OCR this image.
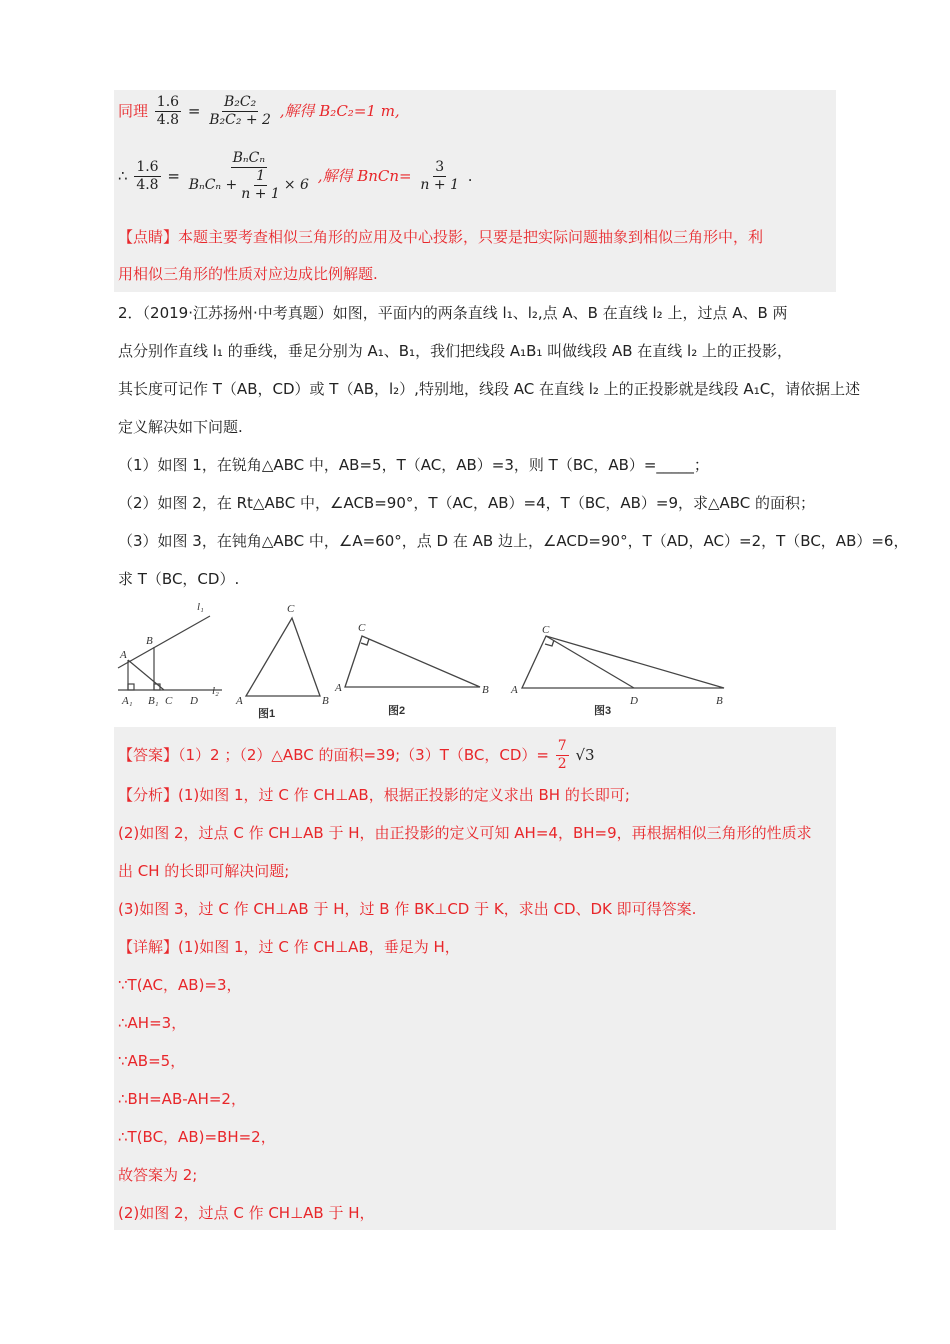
同理 $\frac{1.6}{4.8} = \frac{\text{B₂C₂}}{\text{B₂C₂ + 2}}$ ,解得 B₂C₂=1 m,
∴ $\frac{1.6}{4.8} = \frac{\text{BₙCₙ}}{B_nC_n + \frac{1}{n + 1} \times 6}$ ,解得 BnCn= $\frac{3}{n + 1}$ .
【点睛】本题主要考查相似三角形的应用及中心投影，只要是把实际问题抽象到相似三角形中，利
用相似三角形的性质对应边成比例解题.
2．（2019·江苏扬州·中考真题）如图，平面内的两条直线 l₁、l₂,点 A、B 在直线 l₂ 上，过点 A、B 两
点分别作直线 l₁ 的垂线，垂足分别为 A₁、B₁，我们把线段 A₁B₁ 叫做线段 AB 在直线 l₂ 上的正投影，
其长度可记作 T（AB，CD）或 T（AB，l₂）,特别地，线段 AC 在直线 l₂ 上的正投影就是线段 A₁C，请依据上述
定义解决如下问题.
（1）如图 1，在锐角△ABC 中，AB=5，T（AC，AB）=3，则 T（BC，AB）=_____；
（2）如图 2，在 Rt△ABC 中，∠ACB=90°，T（AC，AB）=4，T（BC，AB）=9，求△ABC 的面积；
（3）如图 3，在钝角△ABC 中，∠A=60°，点 D 在 AB 边上，∠ACD=90°，T（AD，AC）=2，T（BC，AB）=6，
求 T（BC，CD）.
l₁
l₂
A
B
A₁ B₁ C D
C
A	B
图1
C
A	B
图2
C
A
D	B
图3
【答案】（1）2 ；（2）△ABC 的面积=39;（3）T（BC，$CD)= \frac{7}{2} √3$
【分析】(1)如图 1，过 C 作 CH⊥AB，根据正投影的定义求出 BH 的长即可;
(2)如图 2，过点 C 作 CH⊥AB 于 H，由正投影的定义可知 AH=4，BH=9，再根据相似三角形的性质求
出 CH 的长即可解决问题;
(3)如图 3，过 C 作 CH⊥AB 于 H，过 B 作 BK⊥CD 于 K，求出 CD、DK 即可得答案.
【详解】(1)如图 1，过 C 作 CH⊥AB，垂足为 H，
∵T(AC，AB)=3，
∴AH=3，
∵AB=5，
∴BH=AB-AH=2，
∴T(BC，AB)=BH=2，
故答案为 2;
(2)如图 2，过点 C 作 CH⊥AB 于 H，
